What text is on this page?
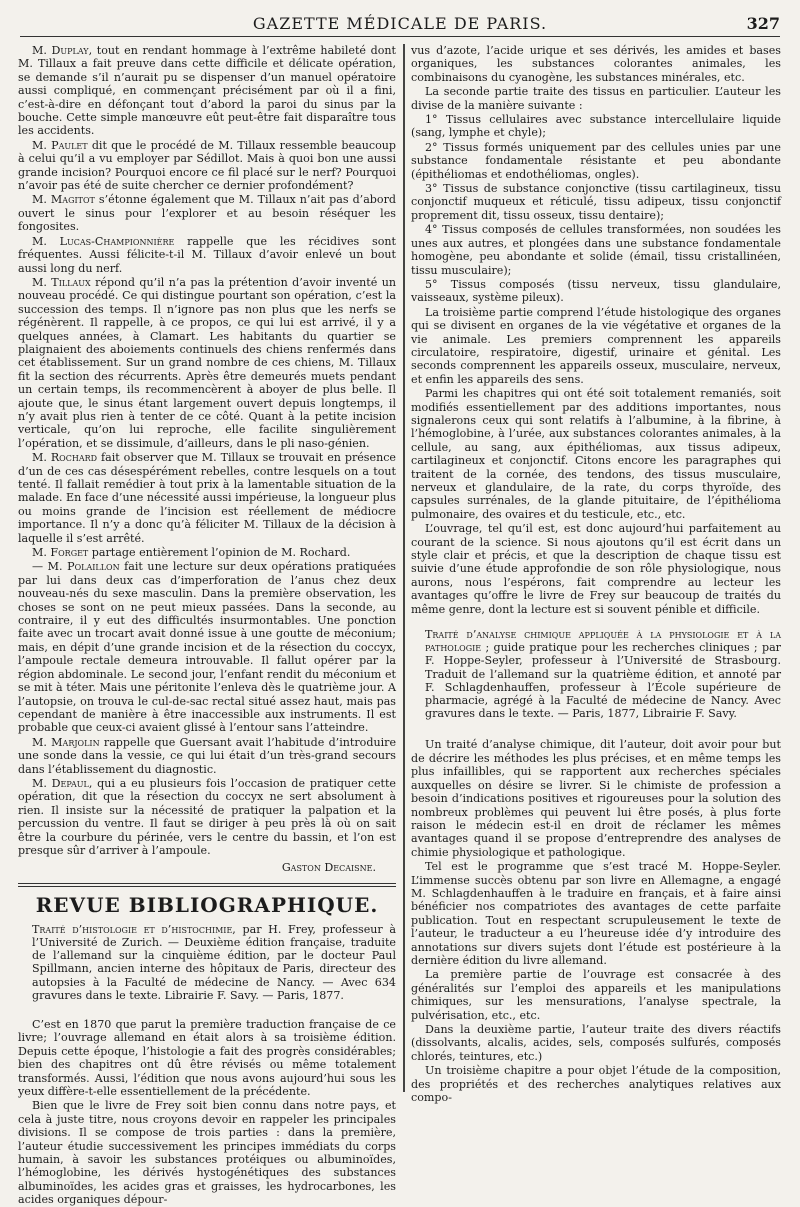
GAZETTE MÉDICALE DE PARIS.	327

M. Duplay, tout en rendant hommage à l’extrême habileté dont M. Tillaux a fait preuve dans cette difficile et délicate opération, se demande s’il n’aurait pu se dispenser d’un manuel opératoire aussi compliqué, en commençant précisément par où il a fini, c’est-à-dire en défonçant tout d’abord la paroi du sinus par la bouche. Cette simple manœuvre eût peut-être fait disparaître tous les accidents.

M. Paulet dit que le procédé de M. Tillaux ressemble beaucoup à celui qu’il a vu employer par Sédillot. Mais à quoi bon une aussi grande incision? Pourquoi encore ce fil placé sur le nerf? Pourquoi n’avoir pas été de suite chercher ce dernier profondément?

M. Magitot s’étonne également que M. Tillaux n’ait pas d’abord ouvert le sinus pour l’explorer et au besoin réséquer les fongosites.

M. Lucas-Championnière rappelle que les récidives sont fréquentes. Aussi félicite-t-il M. Tillaux d’avoir enlevé un bout aussi long du nerf.

M. Tillaux répond qu’il n’a pas la prétention d’avoir inventé un nouveau procédé. Ce qui distingue pourtant son opération, c’est la succession des temps. Il n’ignore pas non plus que les nerfs se régénèrent. Il rappelle, à ce propos, ce qui lui est arrivé, il y a quelques années, à Clamart. Les habitants du quartier se plaignaient des aboiements continuels des chiens renfermés dans cet établissement. Sur un grand nombre de ces chiens, M. Tillaux fit la section des récurrents. Après être demeurés muets pendant un certain temps, ils recommencèrent à aboyer de plus belle. Il ajoute que, le sinus étant largement ouvert depuis longtemps, il n’y avait plus rien à tenter de ce côté. Quant à la petite incision verticale, qu’on lui reproche, elle facilite singulièrement l’opération, et se dissimule, d’ailleurs, dans le pli naso-génien.

M. Rochard fait observer que M. Tillaux se trouvait en présence d’un de ces cas désespérément rebelles, contre lesquels on a tout tenté. Il fallait remédier à tout prix à la lamentable situation de la malade. En face d’une nécessité aussi impérieuse, la longueur plus ou moins grande de l’incision est réellement de médiocre importance. Il n’y a donc qu’à féliciter M. Tillaux de la décision à laquelle il s’est arrêté.

M. Forget partage entièrement l’opinion de M. Rochard.

— M. Polaillon fait une lecture sur deux opérations pratiquées par lui dans deux cas d’imperforation de l’anus chez deux nouveau-nés du sexe masculin. Dans la première observation, les choses se sont on ne peut mieux passées. Dans la seconde, au contraire, il y eut des difficultés insurmontables. Une ponction faite avec un trocart avait donné issue à une goutte de méconium; mais, en dépit d’une grande incision et de la résection du coccyx, l’ampoule rectale demeura introuvable. Il fallut opérer par la région abdominale. Le second jour, l’enfant rendit du méconium et se mit à téter. Mais une péritonite l’enleva dès le quatrième jour. A l’autopsie, on trouva le cul-de-sac rectal situé assez haut, mais pas cependant de manière à être inaccessible aux instruments. Il est probable que ceux-ci avaient glissé à l’entour sans l’atteindre.

M. Marjolin rappelle que Guersant avait l’habitude d’introduire une sonde dans la vessie, ce qui lui était d’un très-grand secours dans l’établissement du diagnostic.

M. Depaul, qui a eu plusieurs fois l’occasion de pratiquer cette opération, dit que la résection du coccyx ne sert absolument à rien. Il insiste sur la nécessité de pratiquer la palpation et la percussion du ventre. Il faut se diriger à peu près là où on sait être la courbure du périnée, vers le centre du bassin, et l’on est presque sûr d’arriver à l’ampoule.

Gaston Decaisne.

REVUE BIBLIOGRAPHIQUE.
Traité d’histologie et d’histochimie, par H. Frey, professeur à l’Université de Zurich. — Deuxième édition française, traduite de l’allemand sur la cinquième édition, par le docteur Paul Spillmann, ancien interne des hôpitaux de Paris, directeur des autopsies à la Faculté de médecine de Nancy. — Avec 634 gravures dans le texte. Librairie F. Savy. — Paris, 1877.

C’est en 1870 que parut la première traduction française de ce livre; l’ouvrage allemand en était alors à sa troisième édition. Depuis cette époque, l’histologie a fait des progrès considérables; bien des chapitres ont dû être révisés ou même totalement transformés. Aussi, l’édition que nous avons aujourd’hui sous les yeux diffère-t-elle essentiellement de la précédente.

Bien que le livre de Frey soit bien connu dans notre pays, et cela à juste titre, nous croyons devoir en rappeler les principales divisions. Il se compose de trois parties : dans la première, l’auteur étudie successivement les principes immédiats du corps humain, à savoir les substances protéiques ou albuminoïdes, l’hémoglobine, les dérivés hystogénétiques des substances albuminoïdes, les acides gras et graisses, les hydrocarbones, les acides organiques dépour-

vus d’azote, l’acide urique et ses dérivés, les amides et bases organiques, les substances colorantes animales, les combinaisons du cyanogène, les substances minérales, etc.

La seconde partie traite des tissus en particulier. L’auteur les divise de la manière suivante :

1° Tissus cellulaires avec substance intercellulaire liquide (sang, lymphe et chyle);

2° Tissus formés uniquement par des cellules unies par une substance fondamentale résistante et peu abondante (épithéliomas et endothéliomas, ongles).

3° Tissus de substance conjonctive (tissu cartilagineux, tissu conjonctif muqueux et réticulé, tissu adipeux, tissu conjonctif proprement dit, tissu osseux, tissu dentaire);

4° Tissus composés de cellules transformées, non soudées les unes aux autres, et plongées dans une substance fondamentale homogène, peu abondante et solide (émail, tissu cristallinéen, tissu musculaire);

5° Tissus composés (tissu nerveux, tissu glandulaire, vaisseaux, système pileux).

La troisième partie comprend l’étude histologique des organes qui se divisent en organes de la vie végétative et organes de la vie animale. Les premiers comprennent les appareils circulatoire, respiratoire, digestif, urinaire et génital. Les seconds comprennent les appareils osseux, musculaire, nerveux, et enfin les appareils des sens.

Parmi les chapitres qui ont été soit totalement remaniés, soit modifiés essentiellement par des additions importantes, nous signalerons ceux qui sont relatifs à l’albumine, à la fibrine, à l’hémoglobine, à l’urée, aux substances colorantes animales, à la cellule, au sang, aux épithéliomas, aux tissus adipeux, cartilagineux et conjonctif. Citons encore les paragraphes qui traitent de la cornée, des tendons, des tissus musculaire, nerveux et glandulaire, de la rate, du corps thyroïde, des capsules surrénales, de la glande pituitaire, de l’épithélioma pulmonaire, des ovaires et du testicule, etc., etc.

L’ouvrage, tel qu’il est, est donc aujourd’hui parfaitement au courant de la science. Si nous ajoutons qu’il est écrit dans un style clair et précis, et que la description de chaque tissu est suivie d’une étude approfondie de son rôle physiologique, nous aurons, nous l’espérons, fait comprendre au lecteur les avantages qu’offre le livre de Frey sur beaucoup de traités du même genre, dont la lecture est si souvent pénible et difficile.

Traité d’analyse chimique appliquée à la physiologie et à la pathologie ; guide pratique pour les recherches cliniques ; par F. Hoppe-Seyler, professeur à l’Université de Strasbourg. Traduit de l’allemand sur la quatrième édition, et annoté par F. Schlagdenhauffen, professeur à l’École supérieure de pharmacie, agrégé à la Faculté de médecine de Nancy. Avec gravures dans le texte. — Paris, 1877, Librairie F. Savy.

Un traité d’analyse chimique, dit l’auteur, doit avoir pour but de décrire les méthodes les plus précises, et en même temps les plus infaillibles, qui se rapportent aux recherches spéciales auxquelles on désire se livrer. Si le chimiste de profession a besoin d’indications positives et rigoureuses pour la solution des nombreux problèmes qui peuvent lui être posés, à plus forte raison le médecin est-il en droit de réclamer les mêmes avantages quand il se propose d’entreprendre des analyses de chimie physiologique et pathologique.

Tel est le programme que s’est tracé M. Hoppe-Seyler. L’immense succès obtenu par son livre en Allemagne, a engagé M. Schlagdenhauffen à le traduire en français, et à faire ainsi bénéficier nos compatriotes des avantages de cette parfaite publication. Tout en respectant scrupuleusement le texte de l’auteur, le traducteur a eu l’heureuse idée d’y introduire des annotations sur divers sujets dont l’étude est postérieure à la dernière édition du livre allemand.

La première partie de l’ouvrage est consacrée à des généralités sur l’emploi des appareils et les manipulations chimiques, sur les mensurations, l’analyse spectrale, la pulvérisation, etc., etc.

Dans la deuxième partie, l’auteur traite des divers réactifs (dissolvants, alcalis, acides, sels, composés sulfurés, composés chlorés, teintures, etc.)

Un troisième chapitre a pour objet l’étude de la composition, des propriétés et des recherches analytiques relatives aux compo-
